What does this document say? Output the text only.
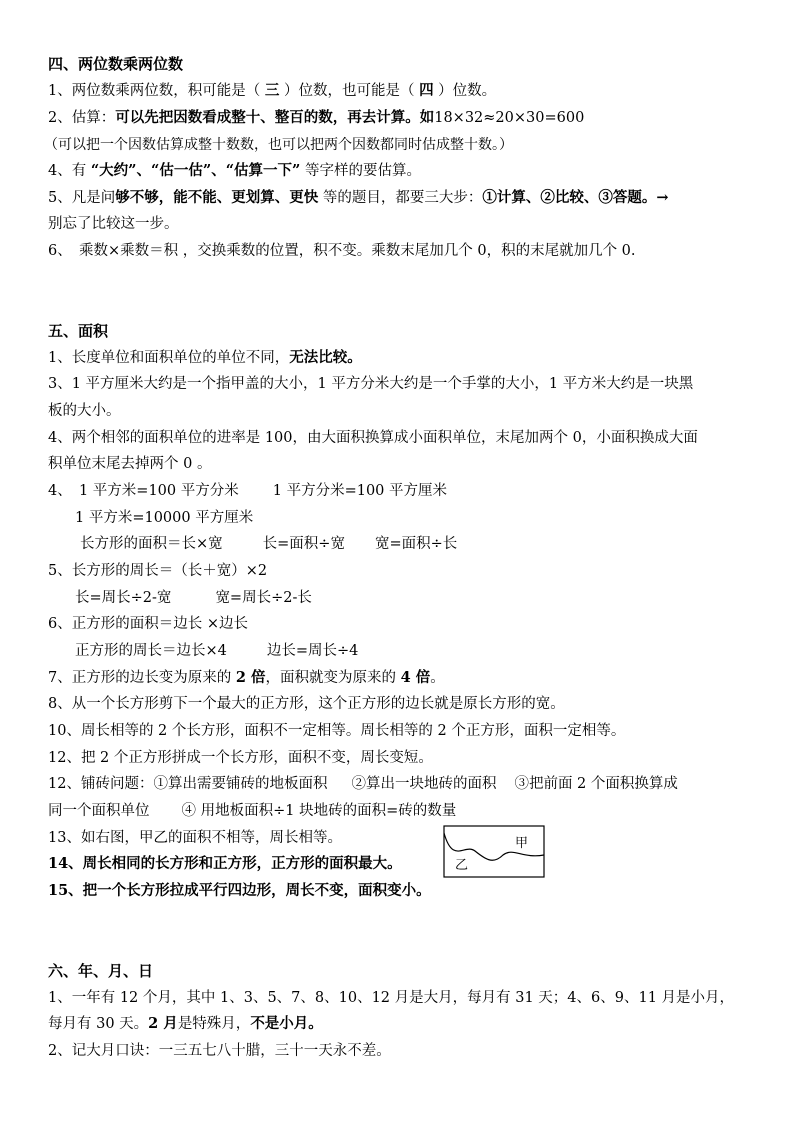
四、两位数乘两位数
1、两位数乘两位数，积可能是（ 三 ）位数，也可能是（ 四 ）位数。
2、估算：可以先把因数看成整十、整百的数，再去计算。如18×32≈20×30=600
（可以把一个因数估算成整十数数，也可以把两个因数都同时估成整十数。）
4、有 “大约”、“估一估”、“估算一下” 等字样的要估算。
5、凡是问够不够，能不能、更划算、更快 等的题目，都要三大步：①计算、②比较、③答题。→
别忘了比较这一步。
6、　乘数×乘数＝积 ，交换乘数的位置，积不变。乘数末尾加几个 0，积的末尾就加几个 0.
五、面积
1、长度单位和面积单位的单位不同，无法比较。
3、1 平方厘米大约是一个指甲盖的大小，1 平方分米大约是一个手掌的大小，1 平方米大约是一块黑
板的大小。
4、两个相邻的面积单位的进率是 100，由大面积换算成小面积单位，末尾加两个 0，小面积换成大面
积单位末尾去掉两个 0 。
4、　1 平方米=100 平方分米 1 平方分米=100 平方厘米
1 平方米=10000 平方厘米
长方形的面积＝长×宽	长=面积÷宽 宽=面积÷长
5、长方形的周长＝（长＋宽）×2
长=周长÷2-宽	宽=周长÷2-长
6、正方形的面积＝边长 ×边长
正方形的周长＝边长×4	边长=周长÷4
7、正方形的边长变为原来的 2 倍，面积就变为原来的 4 倍。
8、从一个长方形剪下一个最大的正方形，这个正方形的边长就是原长方形的宽。
10、周长相等的 2 个长方形，面积不一定相等。周长相等的 2 个正方形，面积一定相等。
12、把 2 个正方形拼成一个长方形，面积不变，周长变短。
12、铺砖问题：①算出需要铺砖的地板面积 ②算出一块地砖的面积 ③把前面 2 个面积换算成
同一个面积单位 ④ 用地板面积÷1 块地砖的面积=砖的数量
13、如右图，甲乙的面积不相等，周长相等。
14、周长相同的长方形和正方形，正方形的面积最大。
15、把一个长方形拉成平行四边形，周长不变，面积变小。
甲
乙
六、年、月、日
1、一年有 12 个月，其中 1、3、5、7、8、10、12 月是大月，每月有 31 天；4、6、9、11 月是小月，
每月有 30 天。2 月是特殊月，不是小月。
2、记大月口诀：一三五七八十腊，三十一天永不差。
